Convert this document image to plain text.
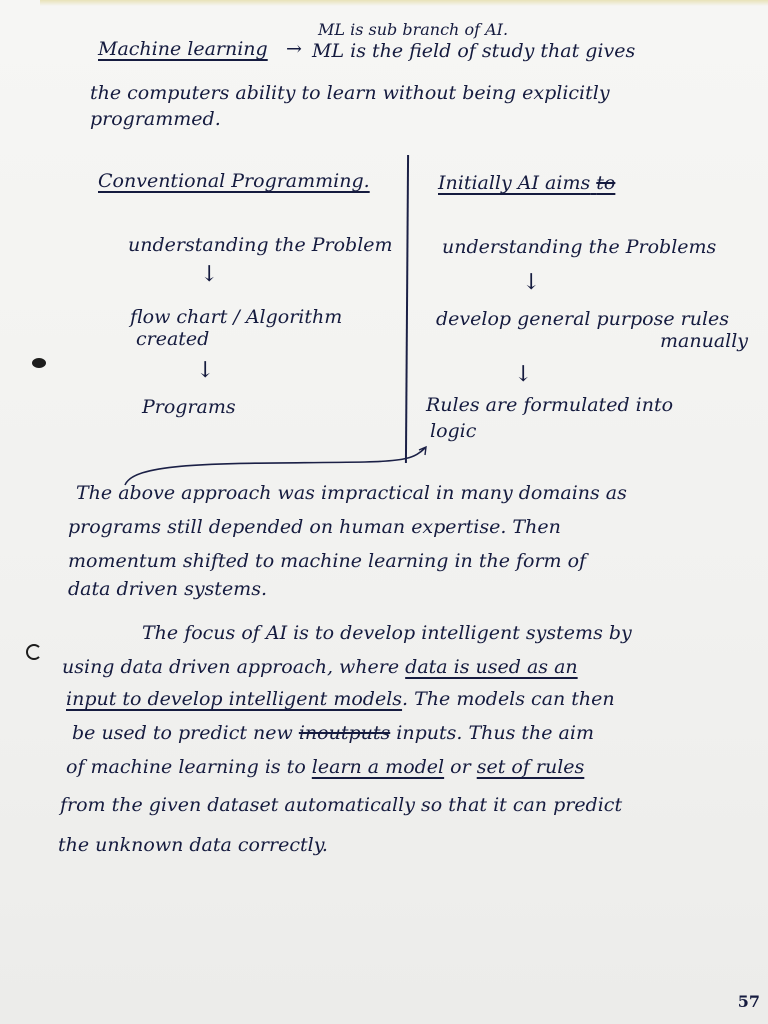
ML is sub branch of AI.
Machine learning → ML is the field of study that gives
the computers ability to learn without being explicitly
programmed.
Conventional Programming.
understanding the Problem
↓
flow chart / Algorithm
created
↓
Programs
Initially AI aims to
understanding the Problems
↓
develop general purpose rules
manually
↓
Rules are formulated into
logic
The above approach was impractical in many domains as
programs still depended on human expertise. Then
momentum shifted to machine learning in the form of
data driven systems.
The focus of AI is to develop intelligent systems by
using data driven approach, where data is used as an
input to develop intelligent models. The models can then
be used to predict new inoutputs inputs. Thus the aim
of machine learning is to learn a model or set of rules
from the given dataset automatically so that it can predict
the unknown data correctly.
57
